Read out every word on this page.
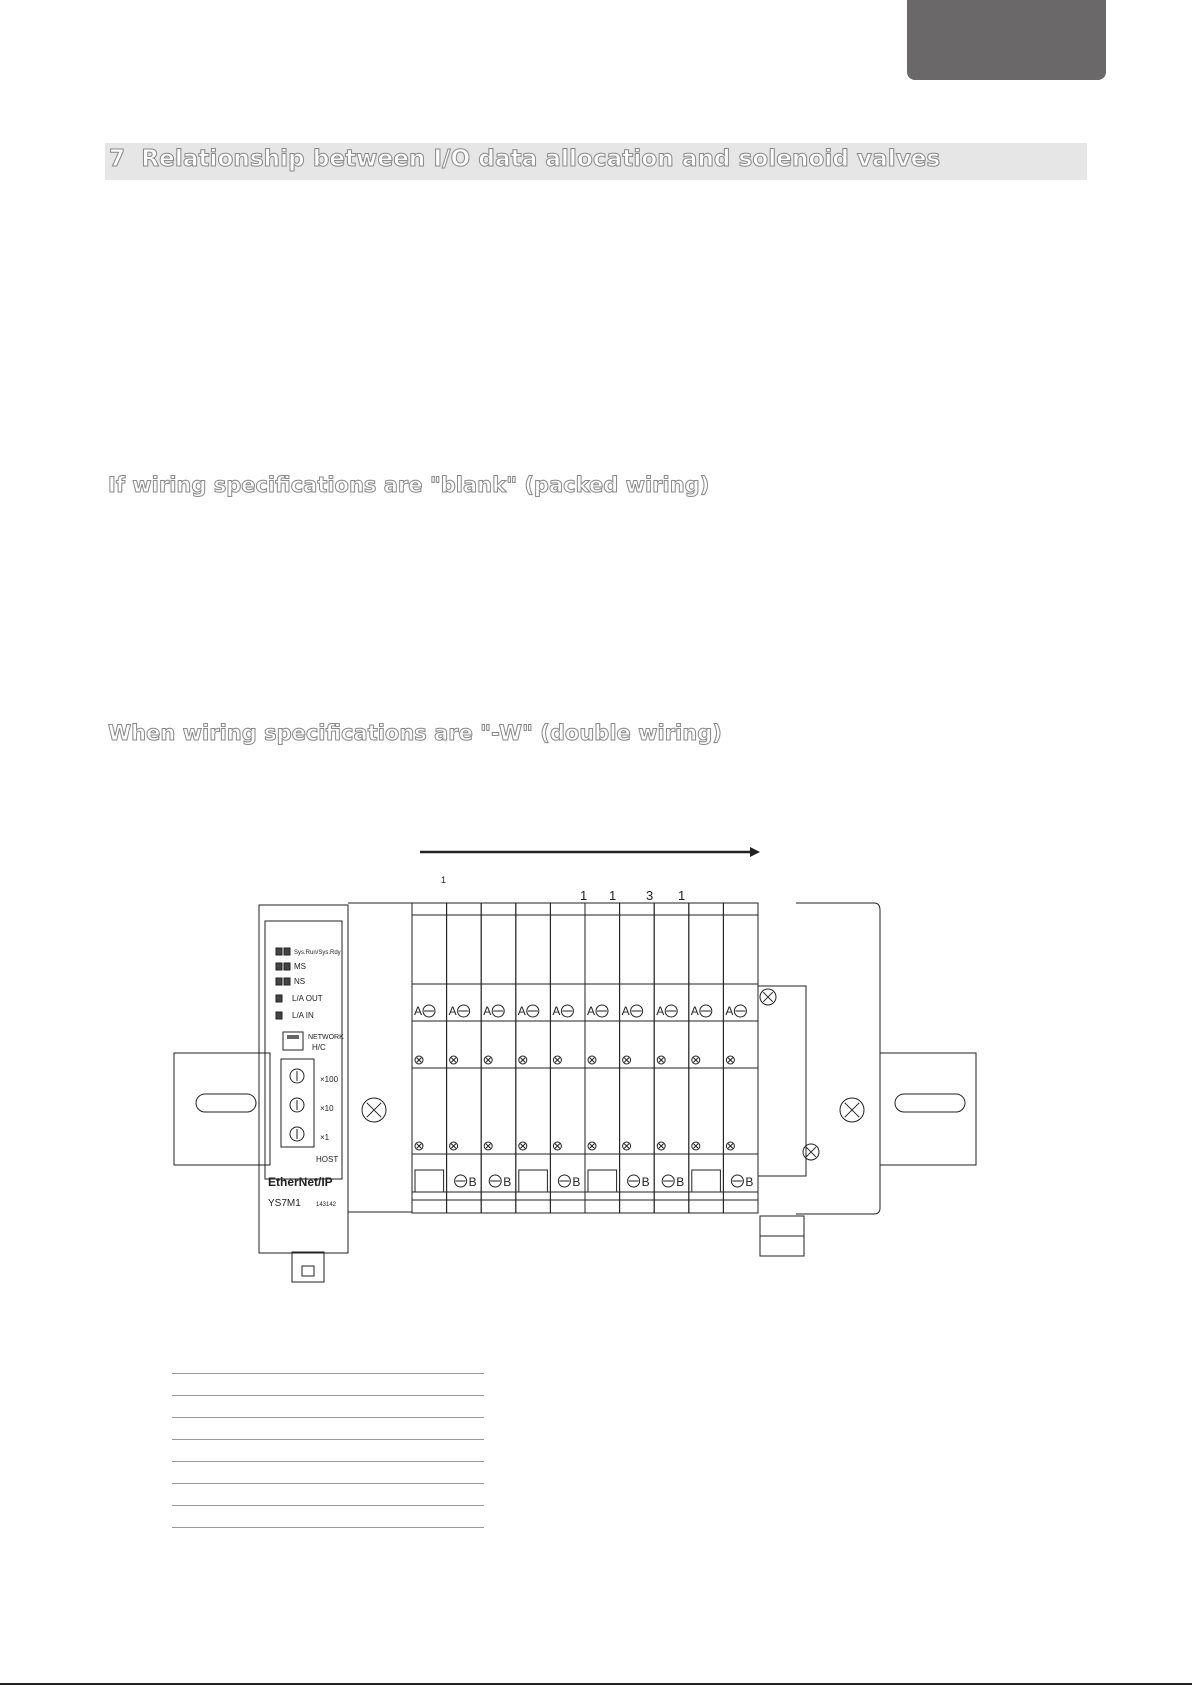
7 Relationship between I/O data allocation and solenoid valves
If wiring specifications are "blank" (packed wiring)
When wiring specifications are "-W" (double wiring)
1
Sys.Run/Sys.Rdy
MS
NS
L/A OUT
L/A IN
NETWORK
H/C
×100
×10
×1
HOST
EtherNet/IP
YS7M1	143142
A A
B
A
B
A A
B
A A
B
A
B
A A
B
1 1 3 1
